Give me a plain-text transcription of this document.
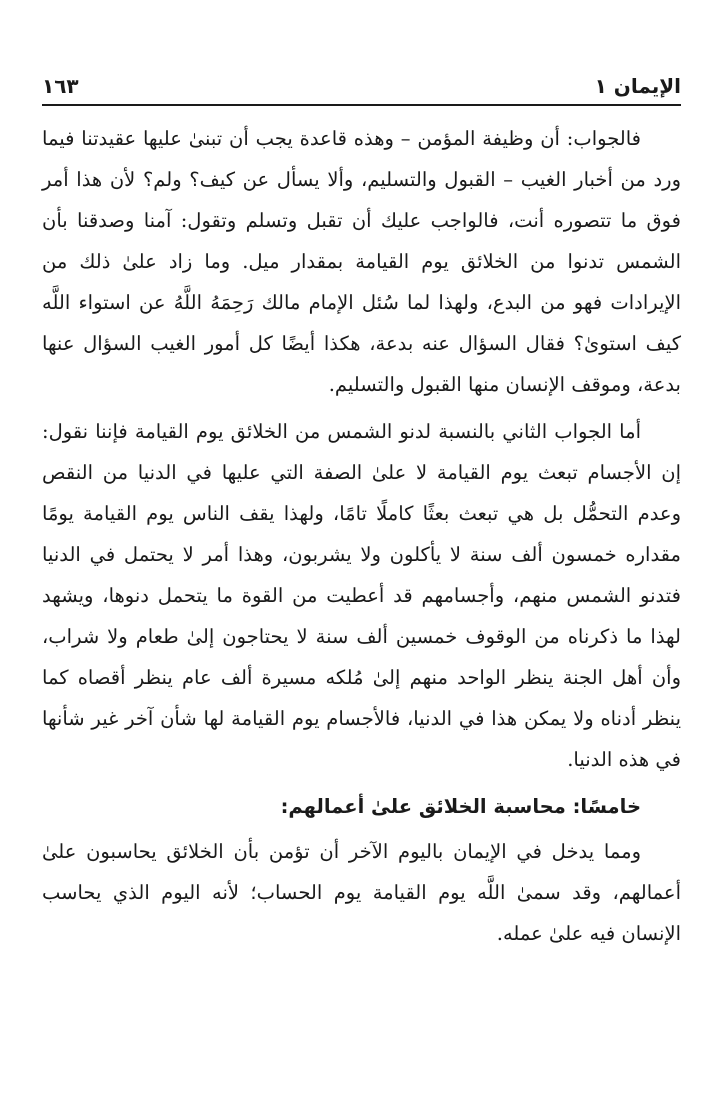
الإيمان ١
١٦٣

فالجواب: أن وظيفة المؤمن – وهذه قاعدة يجب أن تبنىٰ عليها عقيدتنا فيما ورد من أخبار الغيب – القبول والتسليم، وألا يسأل عن كيف؟ ولم؟ لأن هذا أمر فوق ما تتصوره أنت، فالواجب عليك أن تقبل وتسلم وتقول: آمنا وصدقنا بأن الشمس تدنوا من الخلائق يوم القيامة بمقدار ميل. وما زاد علىٰ ذلك من الإيرادات فهو من البدع، ولهذا لما سُئل الإمام مالك رَحِمَهُ اللَّهُ عن استواء اللَّه كيف استوىٰ؟ فقال السؤال عنه بدعة، هكذا أيضًا كل أمور الغيب السؤال عنها بدعة، وموقف الإنسان منها القبول والتسليم.

أما الجواب الثاني بالنسبة لدنو الشمس من الخلائق يوم القيامة فإننا نقول: إن الأجسام تبعث يوم القيامة لا علىٰ الصفة التي عليها في الدنيا من النقص وعدم التحمُّل بل هي تبعث بعثًا كاملًا تامًا، ولهذا يقف الناس يوم القيامة يومًا مقداره خمسون ألف سنة لا يأكلون ولا يشربون، وهذا أمر لا يحتمل في الدنيا فتدنو الشمس منهم، وأجسامهم قد أعطيت من القوة ما يتحمل دنوها، ويشهد لهذا ما ذكرناه من الوقوف خمسين ألف سنة لا يحتاجون إلىٰ طعام ولا شراب، وأن أهل الجنة ينظر الواحد منهم إلىٰ مُلكه مسيرة ألف عام ينظر أقصاه كما ينظر أدناه ولا يمكن هذا في الدنيا، فالأجسام يوم القيامة لها شأن آخر غير شأنها في هذه الدنيا.

خامسًا: محاسبة الخلائق علىٰ أعمالهم:

ومما يدخل في الإيمان باليوم الآخر أن تؤمن بأن الخلائق يحاسبون علىٰ أعمالهم، وقد سمىٰ اللَّه يوم القيامة يوم الحساب؛ لأنه اليوم الذي يحاسب الإنسان فيه علىٰ عمله.
